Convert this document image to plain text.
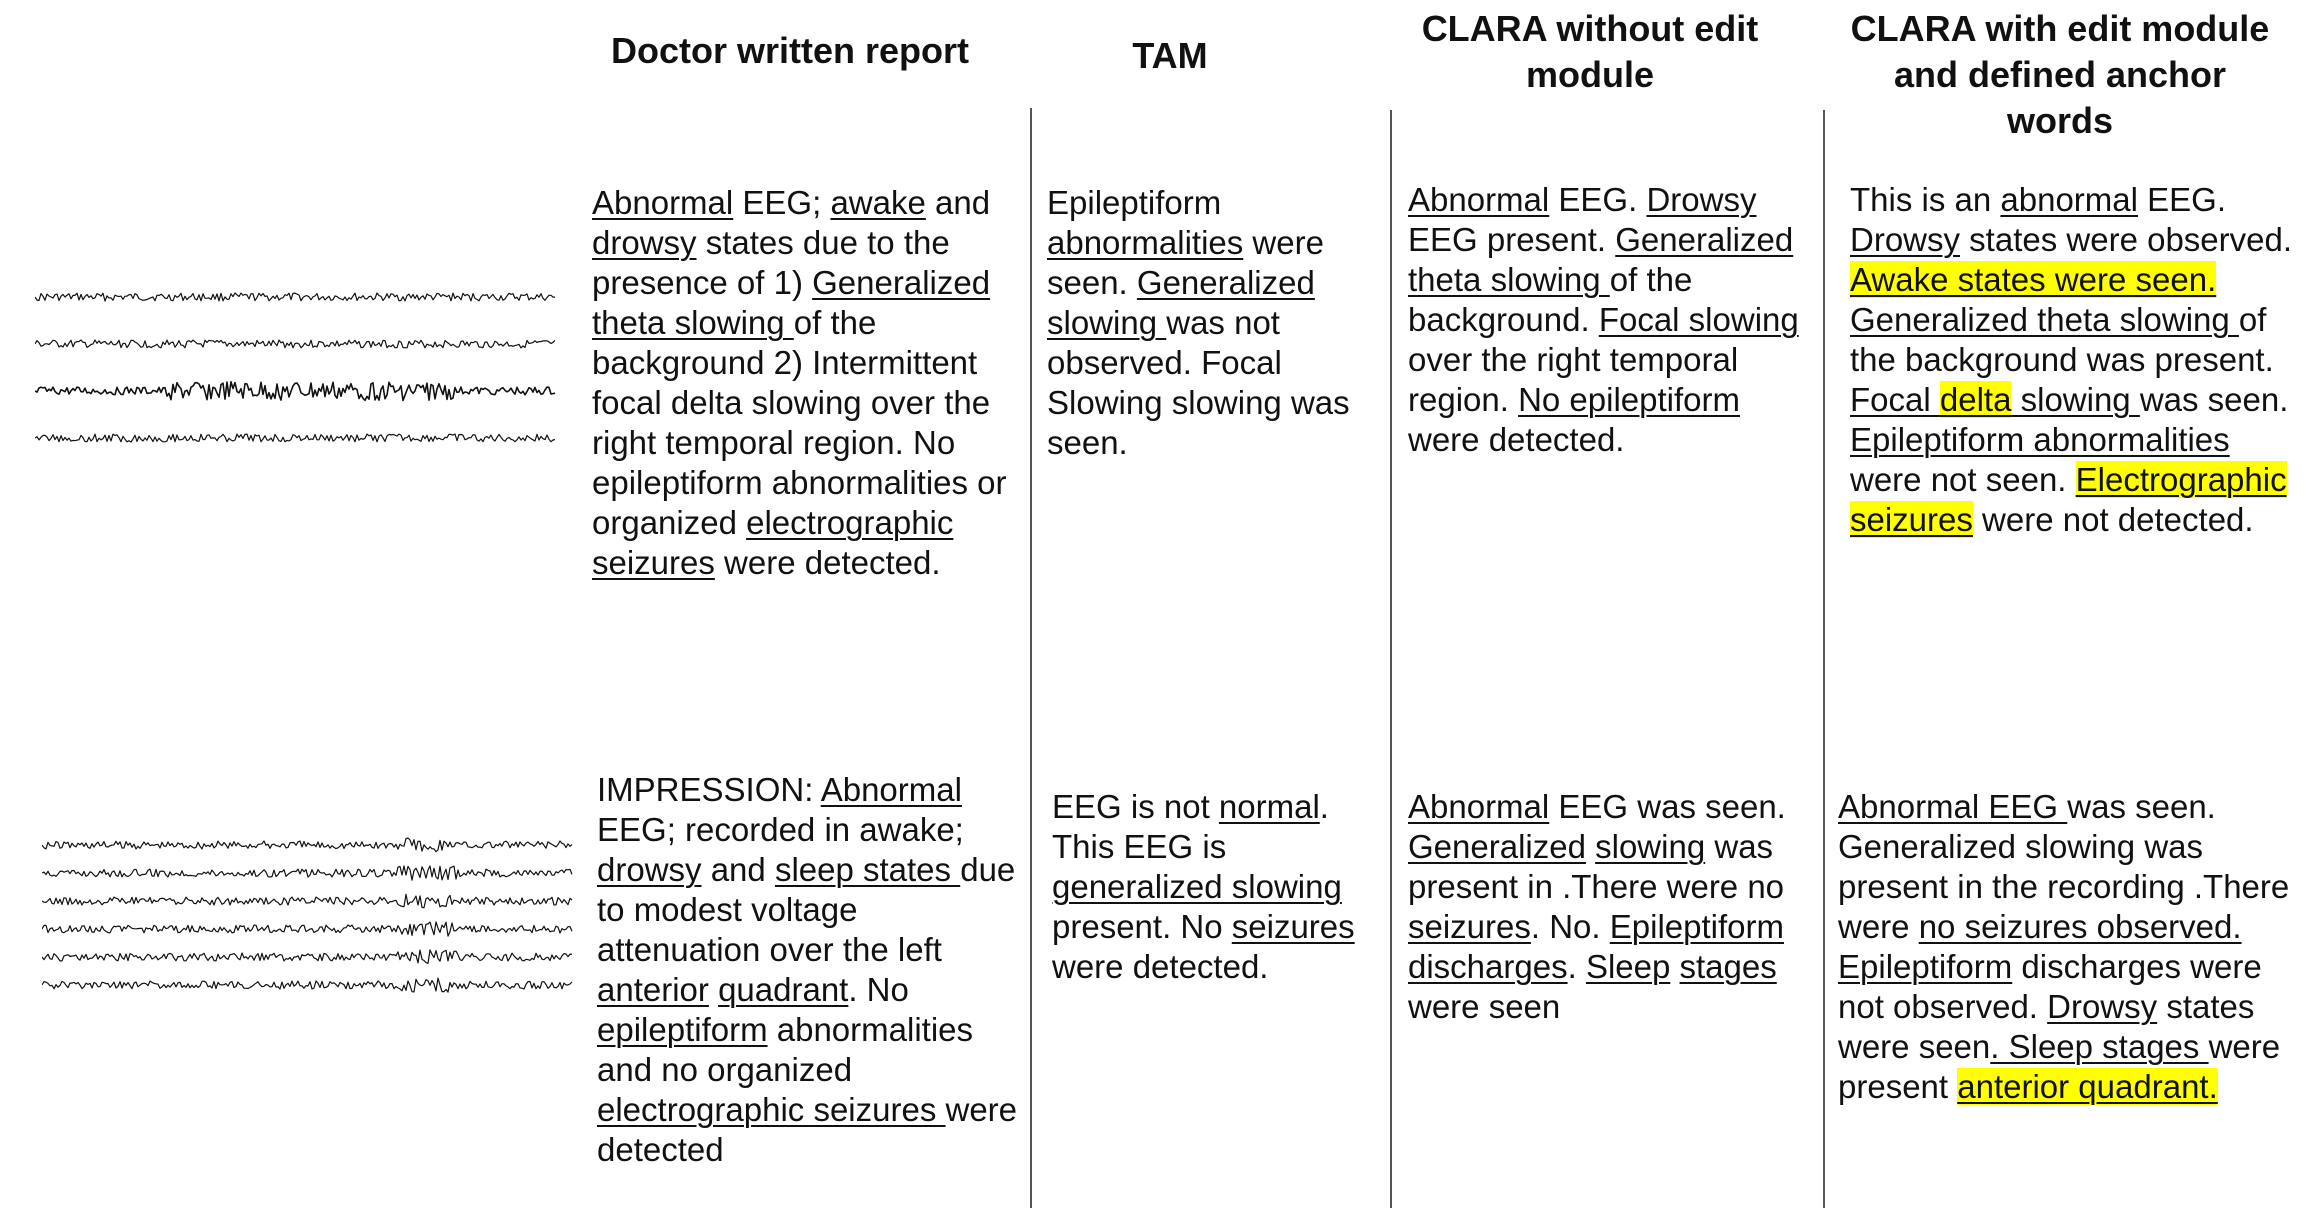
Doctor written report	TAM
CLARA without edit module
CLARA with edit module and defined anchor words

Abnormal EEG; awake and drowsy states due to the presence of 1) Generalized theta slowing of the background 2) Intermittent focal delta slowing over the right temporal region. No epileptiform abnormalities or organized electrographic seizures were detected.

Epileptiform abnormalities were seen. Generalized slowing was not observed. Focal Slowing slowing was seen.

Abnormal EEG. Drowsy EEG present. Generalized theta slowing of the background. Focal slowing over the right temporal region. No epileptiform were detected.

This is an abnormal EEG. Drowsy states were observed. Awake states were seen. Generalized theta slowing of the background was present. Focal delta slowing was seen. Epileptiform abnormalities were not seen. Electrographic seizures were not detected.

IMPRESSION: Abnormal EEG; recorded in awake; drowsy and sleep states due to modest voltage attenuation over the left anterior quadrant. No epileptiform abnormalities and no organized electrographic seizures were detected

EEG is not normal. This EEG is generalized slowing present. No seizures were detected.

Abnormal EEG was seen. Generalized slowing was present in .There were no seizures. No. Epileptiform discharges. Sleep stages were seen

Abnormal EEG was seen. Generalized slowing was present in the recording .There were no seizures observed. Epileptiform discharges were not observed. Drowsy states were seen. Sleep stages were present anterior quadrant.
